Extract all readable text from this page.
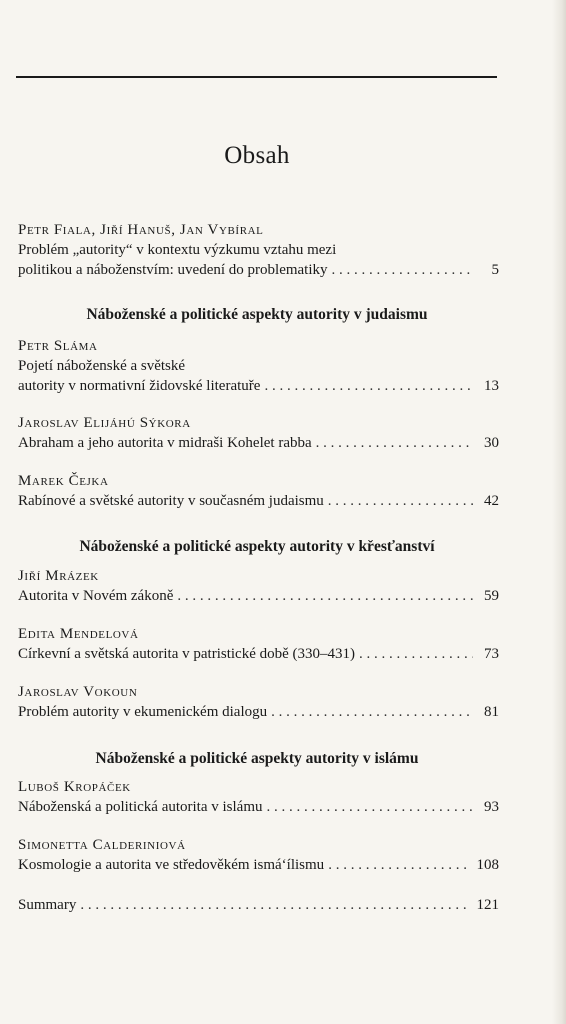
Obsah
Petr Fiala, Jiří Hanuš, Jan Vybíral
Problém „autority“ v kontextu výzkumu vztahu mezi
politikou a náboženstvím: uvedení do problematiky . . .	5
Náboženské a politické aspekty autority v judaismu
Petr Sláma
Pojetí náboženské a světské
autority v normativní židovské literatuře . . .	13
Jaroslav Elijáhú Sýkora
Abraham a jeho autorita v midraši Kohelet rabba . . .	30
Marek Čejka
Rabínové a světské autority v současném judaismu . . .	42
Náboženské a politické aspekty autority v křesťanství
Jiří Mrázek
Autorita v Novém zákoně . . .	59
Edita Mendelová
Církevní a světská autorita v patristické době (330–431) . . .	73
Jaroslav Vokoun
Problém autority v ekumenickém dialogu . . .	81
Náboženské a politické aspekty autority v islámu
Luboš Kropáček
Náboženská a politická autorita v islámu . . .	93
Simonetta Calderiniová
Kosmologie a autorita ve středověkém ismá‘ílismu . . .	108
Summary . . .	121
